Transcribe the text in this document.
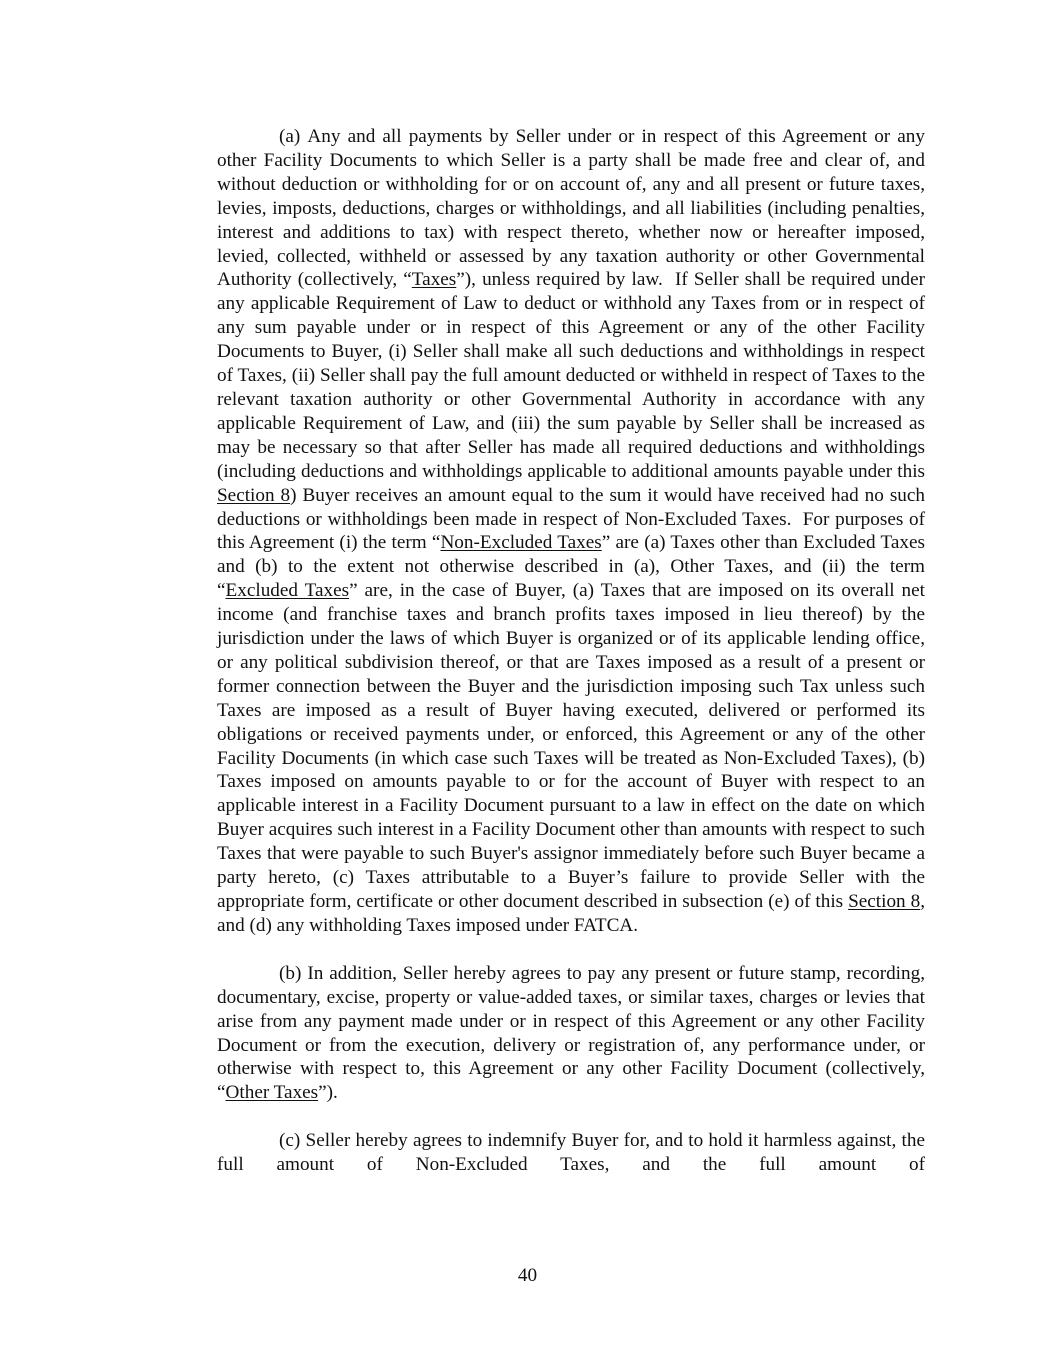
(a) Any and all payments by Seller under or in respect of this Agreement or any other Facility Documents to which Seller is a party shall be made free and clear of, and without deduction or withholding for or on account of, any and all present or future taxes, levies, imposts, deductions, charges or withholdings, and all liabilities (including penalties, interest and additions to tax) with respect thereto, whether now or hereafter imposed, levied, collected, withheld or assessed by any taxation authority or other Governmental Authority (collectively, “Taxes”), unless required by law.  If Seller shall be required under any applicable Requirement of Law to deduct or withhold any Taxes from or in respect of any sum payable under or in respect of this Agreement or any of the other Facility Documents to Buyer, (i) Seller shall make all such deductions and withholdings in respect of Taxes, (ii) Seller shall pay the full amount deducted or withheld in respect of Taxes to the relevant taxation authority or other Governmental Authority in accordance with any applicable Requirement of Law, and (iii) the sum payable by Seller shall be increased as may be necessary so that after Seller has made all required deductions and withholdings (including deductions and withholdings applicable to additional amounts payable under this Section 8) Buyer receives an amount equal to the sum it would have received had no such deductions or withholdings been made in respect of Non-Excluded Taxes.  For purposes of this Agreement (i) the term “Non-Excluded Taxes” are (a) Taxes other than Excluded Taxes and (b) to the extent not otherwise described in (a), Other Taxes, and (ii) the term “Excluded Taxes” are, in the case of Buyer, (a) Taxes that are imposed on its overall net income (and franchise taxes and branch profits taxes imposed in lieu thereof) by the jurisdiction under the laws of which Buyer is organized or of its applicable lending office, or any political subdivision thereof, or that are Taxes imposed as a result of a present or former connection between the Buyer and the jurisdiction imposing such Tax unless such Taxes are imposed as a result of Buyer having executed, delivered or performed its obligations or received payments under, or enforced, this Agreement or any of the other Facility Documents (in which case such Taxes will be treated as Non-Excluded Taxes), (b) Taxes imposed on amounts payable to or for the account of Buyer with respect to an applicable interest in a Facility Document pursuant to a law in effect on the date on which Buyer acquires such interest in a Facility Document other than amounts with respect to such Taxes that were payable to such Buyer's assignor immediately before such Buyer became a party hereto, (c) Taxes attributable to a Buyer’s failure to provide Seller with the appropriate form, certificate or other document described in subsection (e) of this Section 8, and (d) any withholding Taxes imposed under FATCA.

(b) In addition, Seller hereby agrees to pay any present or future stamp, recording, documentary, excise, property or value-added taxes, or similar taxes, charges or levies that arise from any payment made under or in respect of this Agreement or any other Facility Document or from the execution, delivery or registration of, any performance under, or otherwise with respect to, this Agreement or any other Facility Document (collectively, “Other Taxes”).

(c) Seller hereby agrees to indemnify Buyer for, and to hold it harmless against, the full amount of Non-Excluded Taxes, and the full amount of

40
